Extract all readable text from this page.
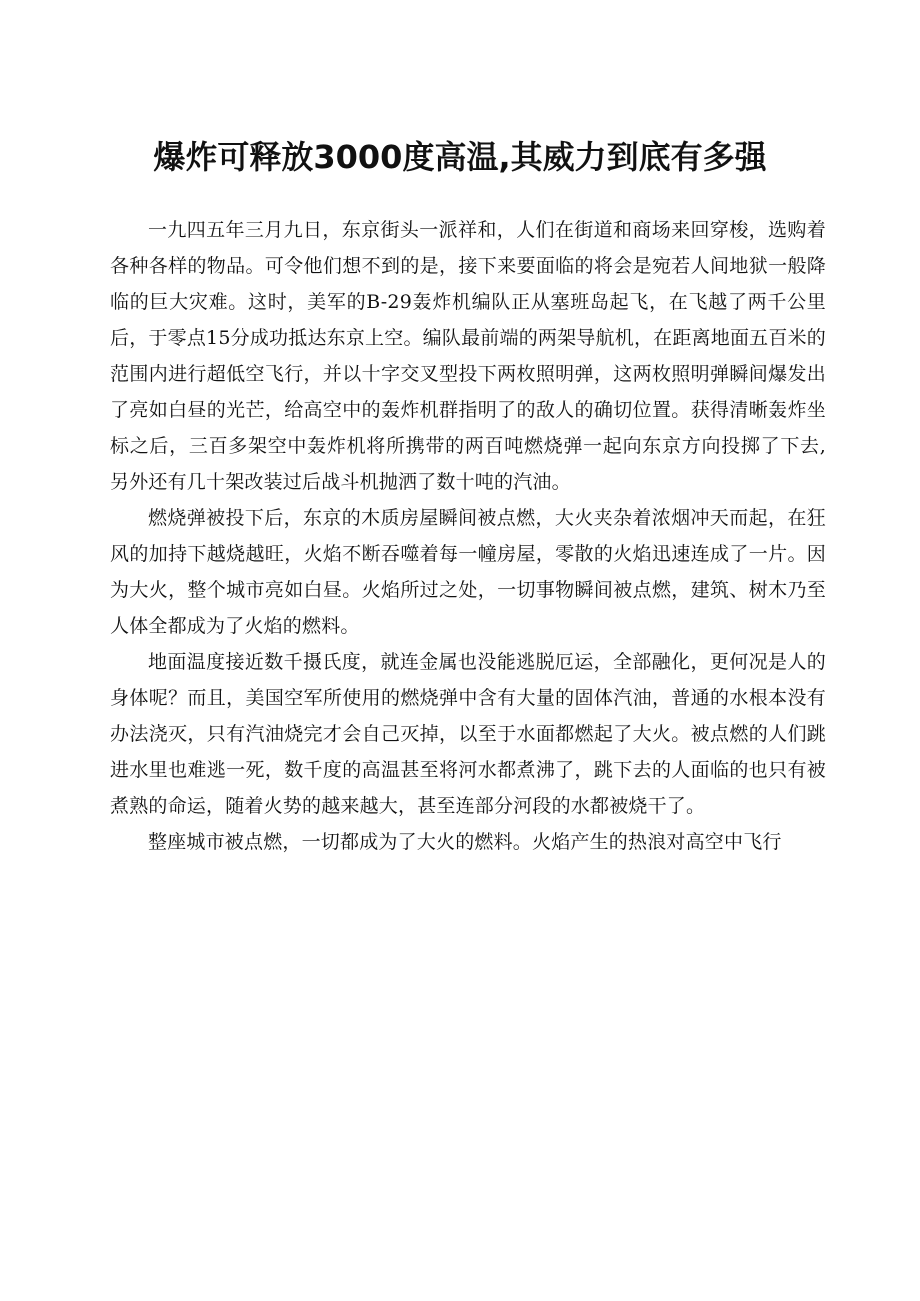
爆炸可释放3000度高温,其威力到底有多强

一九四五年三月九日，东京街头一派祥和，人们在街道和商场来回穿梭，选购着各种各样的物品。可令他们想不到的是，接下来要面临的将会是宛若人间地狱一般降临的巨大灾难。这时，美军的B-29轰炸机编队正从塞班岛起飞，在飞越了两千公里后，于零点15分成功抵达东京上空。编队最前端的两架导航机，在距离地面五百米的范围内进行超低空飞行，并以十字交叉型投下两枚照明弹，这两枚照明弹瞬间爆发出了亮如白昼的光芒，给高空中的轰炸机群指明了的敌人的确切位置。获得清晰轰炸坐标之后，三百多架空中轰炸机将所携带的两百吨燃烧弹一起向东京方向投掷了下去,另外还有几十架改装过后战斗机抛洒了数十吨的汽油。

燃烧弹被投下后，东京的木质房屋瞬间被点燃，大火夹杂着浓烟冲天而起，在狂风的加持下越烧越旺，火焰不断吞噬着每一幢房屋，零散的火焰迅速连成了一片。因为大火，整个城市亮如白昼。火焰所过之处，一切事物瞬间被点燃，建筑、树木乃至人体全都成为了火焰的燃料。

地面温度接近数千摄氏度，就连金属也没能逃脱厄运，全部融化，更何况是人的身体呢？而且，美国空军所使用的燃烧弹中含有大量的固体汽油，普通的水根本没有办法浇灭，只有汽油烧完才会自己灭掉，以至于水面都燃起了大火。被点燃的人们跳进水里也难逃一死，数千度的高温甚至将河水都煮沸了，跳下去的人面临的也只有被煮熟的命运，随着火势的越来越大，甚至连部分河段的水都被烧干了。

整座城市被点燃，一切都成为了大火的燃料。火焰产生的热浪对高空中飞行
